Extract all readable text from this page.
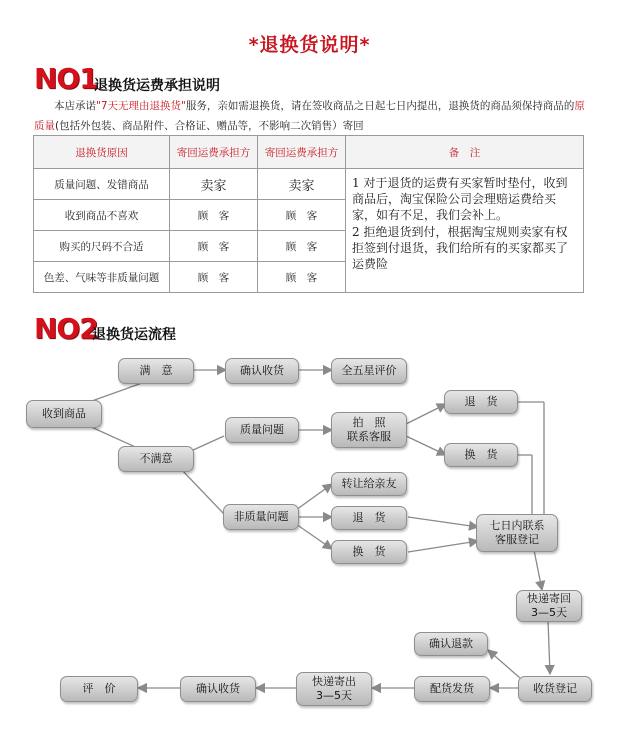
*退换货说明*
NO1
退换货运费承担说明
本店承诺"7天无理由退换货"服务，亲如需退换货，请在签收商品之日起七日内提出，退换货的商品须保持商品的原质量(包括外包装、商品附件、合格证、赠品等，不影响二次销售）寄回
退换货原因	寄回运费承担方	寄回运费承担方	备　注
质量问题、发错商品	卖家	卖家	1 对于退货的运费有买家暂时垫付，收到商品后，淘宝保险公司会理赔运费给买家，如有不足，我们会补上。
2 拒绝退货到付，根据淘宝规则卖家有权拒签到付退货，我们给所有的买家都买了运费险

收到商品不喜欢	顾　客	顾　客	
购买的尺码不合适	顾　客	顾　客	
色差、气味等非质量问题	顾　客	顾　客	
NO2
退换货运流程
收到商品
满　意	确认收货	全五星评价
不满意
质量问题
拍　照
联系客服
退　货
换　货
非质量问题
转让给亲友
退　货
换　货
七日内联系
客服登记
快递寄回
3—5天
确认退款
收货登记
配货发货
快递寄出
3—5天
确认收货
评　价
